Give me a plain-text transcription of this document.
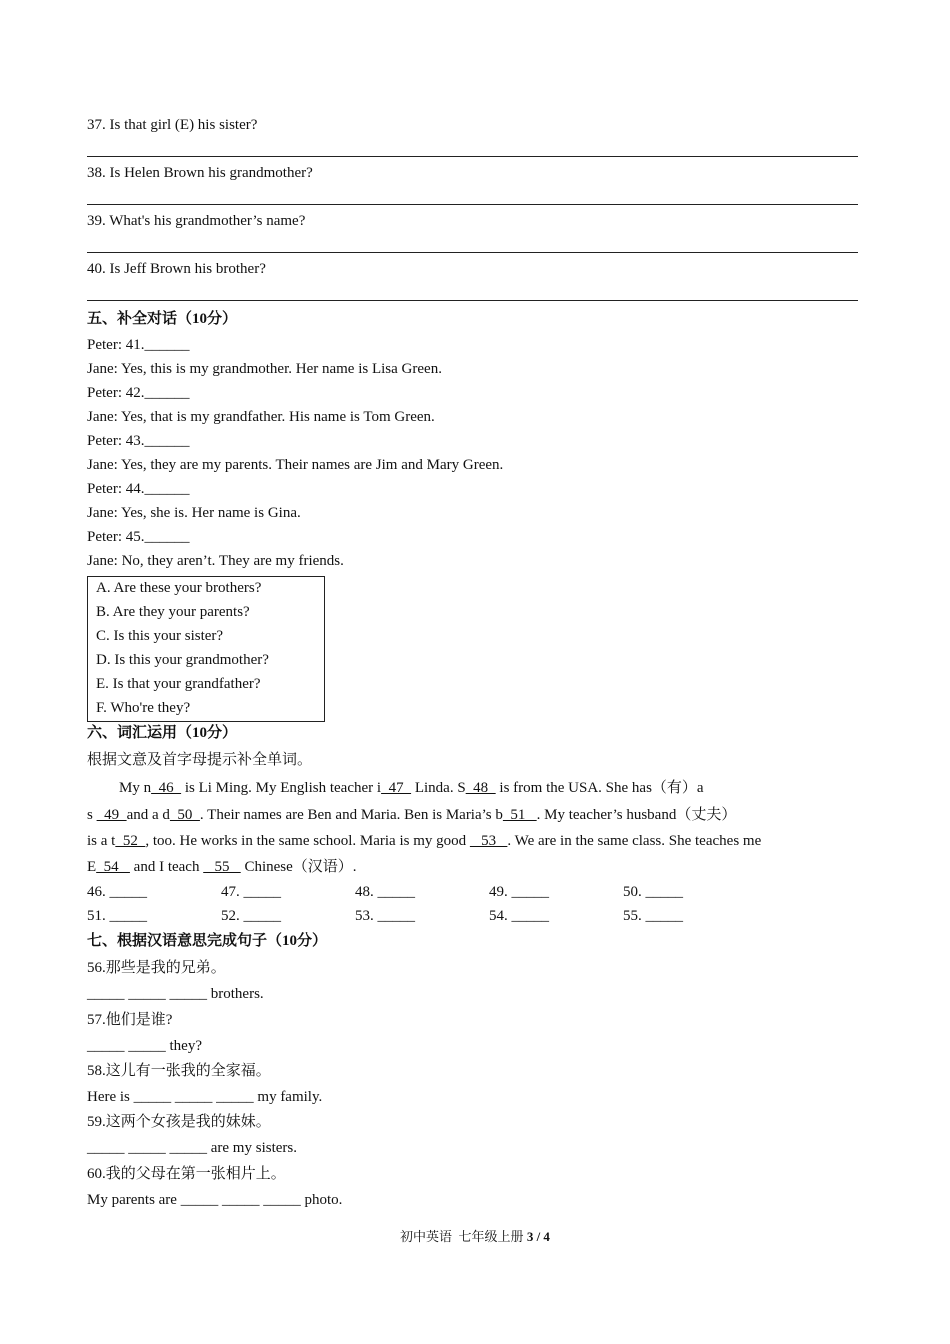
37. Is that girl (E) his sister?
38. Is Helen Brown his grandmother?
39. What's his grandmother’s name?
40. Is Jeff Brown his brother?
五、补全对话（10分）
Peter: 41.______
Jane: Yes, this is my grandmother. Her name is Lisa Green.
Peter: 42.______
Jane: Yes, that is my grandfather. His name is Tom Green.
Peter: 43.______
Jane: Yes, they are my parents. Their names are Jim and Mary Green.
Peter: 44.______
Jane: Yes, she is. Her name is Gina.
Peter: 45.______
Jane: No, they aren’t. They are my friends.
A. Are these your brothers?
B. Are they your parents?
C. Is this your sister?
D. Is this your grandmother?
E. Is that your grandfather?
F. Who're they?
六、词汇运用（10分）
根据文意及首字母提示补全单词。
My n  46   is Li Ming. My English teacher i  47   Linda. S  48   is from the USA. She has（有）a
s   49  and a d  50  . Their names are Ben and Maria. Ben is Maria’s b  51   . My teacher’s husband（丈夫）
is a t  52  , too. He works in the same school. Maria is my good    53   . We are in the same class. She teaches me
E  54    and I teach    55    Chinese（汉语）.
46. _____	47. _____	48. _____	49. _____	50. _____
51. _____	52. _____	53. _____	54. _____	55. _____
七、根据汉语意思完成句子（10分）
56.那些是我的兄弟。
_____ _____ _____ brothers.
57.他们是谁?
_____ _____ they?
58.这儿有一张我的全家福。
Here is _____ _____ _____ my family.
59.这两个女孩是我的妹妹。
_____ _____ _____ are my sisters.
60.我的父母在第一张相片上。
My parents are _____ _____ _____ photo.
初中英语  七年级上册 3 / 4
